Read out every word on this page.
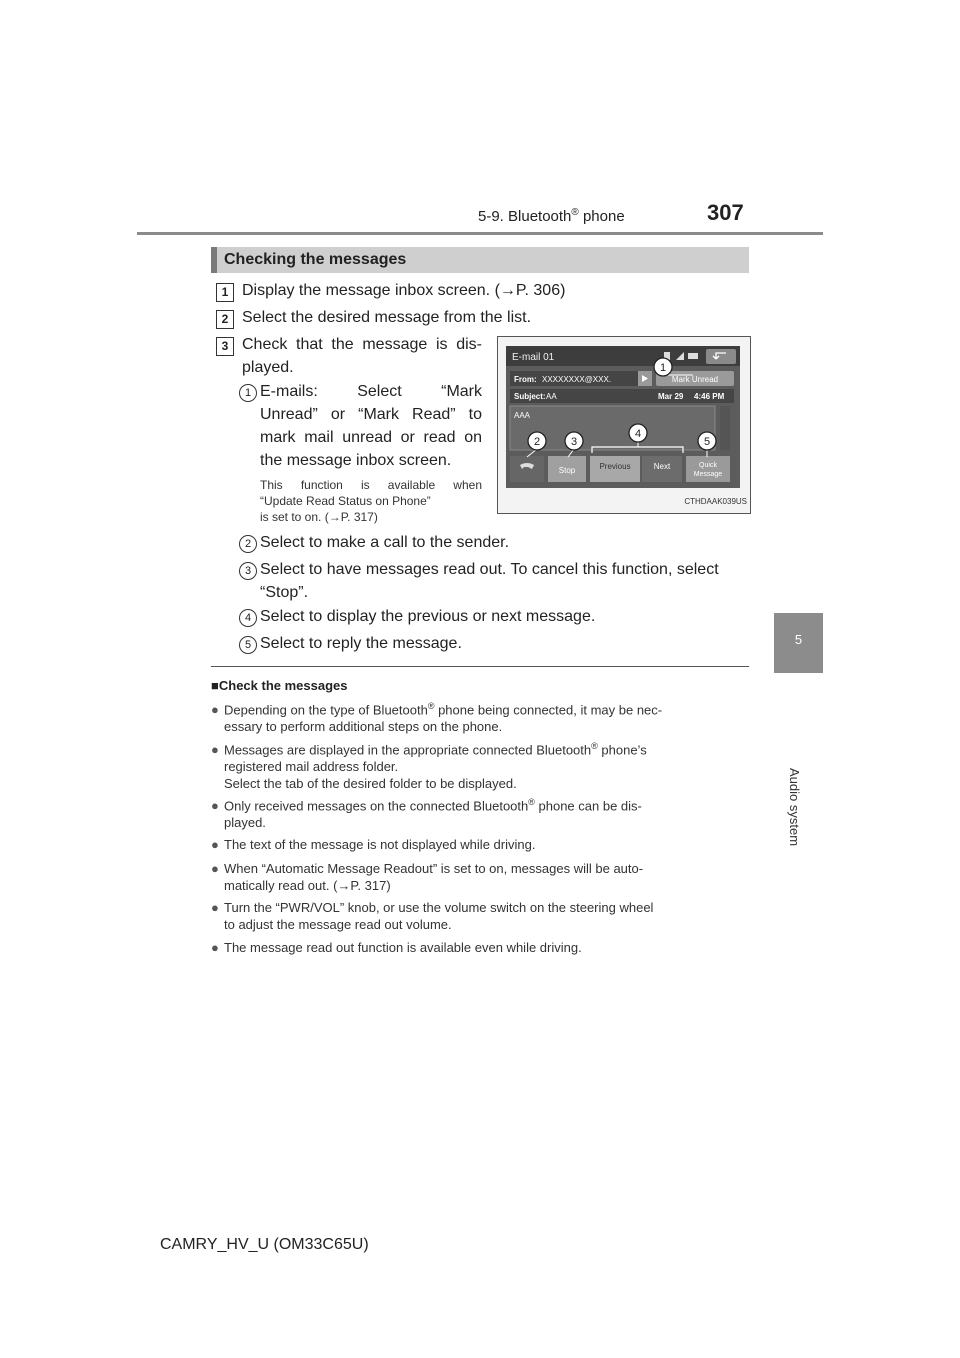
5-9. Bluetooth® phone	307
5
Audio system
Checking the messages
1 Display the message inbox screen. (→P. 306)
2 Select the desired message from the list.
3 Check that the message is dis-
played.
1 E-mails: Select “Mark
Unread” or “Mark Read” to
mark mail unread or read on
the message inbox screen.
This function is available when
“Update Read Status on Phone”
is set to on. (→P. 317)
E-mail 01
From: XXXXXXXX@XXX.	Mark Unread
Subject: AA	Mar 29 4:46 PM
AAA
Stop	Previous	Next	Quick
Message
1
2	3
4
5
CTHDAAK039US
2 Select to make a call to the sender.
3 Select to have messages read out. To cancel this function, select
“Stop”.
4 Select to display the previous or next message.
5 Select to reply the message.
■Check the messages
● Depending on the type of Bluetooth® phone being connected, it may be nec-
essary to perform additional steps on the phone.
● Messages are displayed in the appropriate connected Bluetooth® phone’s
registered mail address folder.
Select the tab of the desired folder to be displayed.
● Only received messages on the connected Bluetooth® phone can be dis-
played.
● The text of the message is not displayed while driving.
● When “Automatic Message Readout” is set to on, messages will be auto-
matically read out. (→P. 317)
● Turn the “PWR/VOL” knob, or use the volume switch on the steering wheel
to adjust the message read out volume.
● The message read out function is available even while driving.
CAMRY_HV_U (OM33C65U)
